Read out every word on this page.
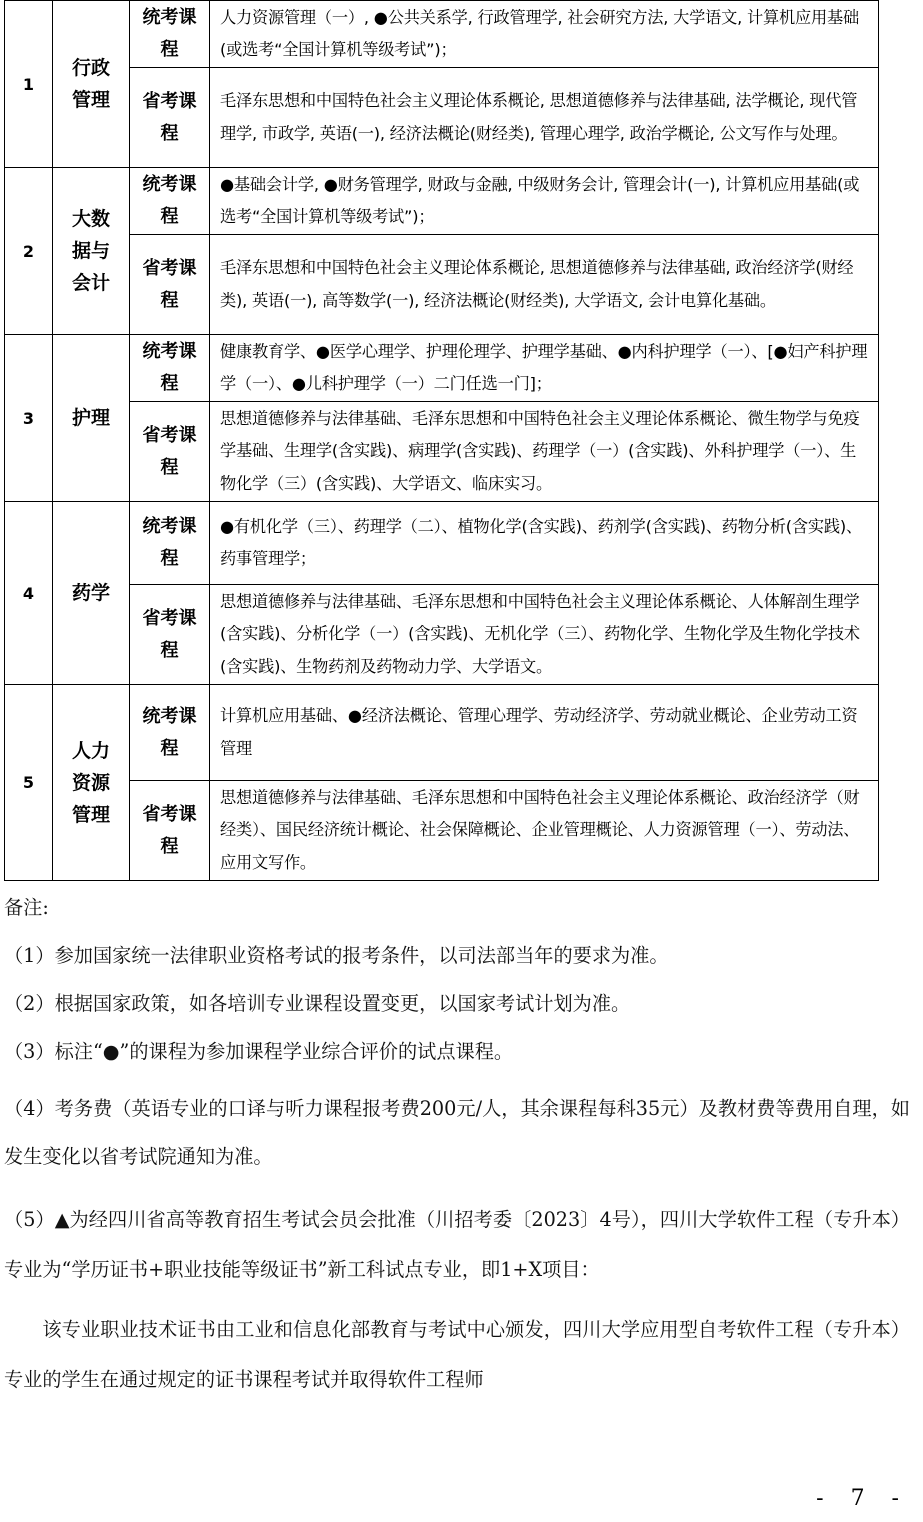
1	行政管理	统考课程	人力资源管理（一）, ●公共关系学, 行政管理学, 社会研究方法, 大学语文, 计算机应用基础(或选考“全国计算机等级考试”)；

		省考课程	毛泽东思想和中国特色社会主义理论体系概论, 思想道德修养与法律基础, 法学概论, 现代管理学, 市政学, 英语(一), 经济法概论(财经类), 管理心理学, 政治学概论, 公文写作与处理。
2	大数据与会计	统考课程	●基础会计学, ●财务管理学, 财政与金融, 中级财务会计, 管理会计(一), 计算机应用基础(或选考“全国计算机等级考试”)；

		省考课程	毛泽东思想和中国特色社会主义理论体系概论, 思想道德修养与法律基础, 政治经济学(财经类), 英语(一), 高等数学(一), 经济法概论(财经类), 大学语文, 会计电算化基础。
3	护理	统考课程	健康教育学、●医学心理学、护理伦理学、护理学基础、●内科护理学（一）、[●妇产科护理学（一）、●儿科护理学（一）二门任选一门]；

		省考课程	思想道德修养与法律基础、毛泽东思想和中国特色社会主义理论体系概论、微生物学与免疫学基础、生理学(含实践)、病理学(含实践)、药理学（一）(含实践)、外科护理学（一）、生物化学（三）(含实践)、大学语文、临床实习。
4	药学	统考课程	●有机化学（三）、药理学（二）、植物化学(含实践)、药剂学(含实践)、药物分析(含实践)、药事管理学；

		省考课程	思想道德修养与法律基础、毛泽东思想和中国特色社会主义理论体系概论、人体解剖生理学(含实践)、分析化学（一）(含实践)、无机化学（三）、药物化学、生物化学及生物化学技术(含实践)、生物药剂及药物动力学、大学语文。
5	人力资源管理	统考课程	计算机应用基础、●经济法概论、管理心理学、劳动经济学、劳动就业概论、企业劳动工资管理

		省考课程	思想道德修养与法律基础、毛泽东思想和中国特色社会主义理论体系概论、政治经济学（财经类）、国民经济统计概论、社会保障概论、企业管理概论、人力资源管理（一）、劳动法、应用文写作。

备注:

（1）参加国家统一法律职业资格考试的报考条件，以司法部当年的要求为准。

（2）根据国家政策，如各培训专业课程设置变更，以国家考试计划为准。

（3）标注“●”的课程为参加课程学业综合评价的试点课程。

（4）考务费（英语专业的口译与听力课程报考费200元/人，其余课程每科35元）及教材费等费用自理，如发生变化以省考试院通知为准。

（5）▲为经四川省高等教育招生考试会员会批准（川招考委〔2023〕4号），四川大学软件工程（专升本）专业为“学历证书+职业技能等级证书”新工科试点专业，即1+X项目：

该专业职业技术证书由工业和信息化部教育与考试中心颁发，四川大学应用型自考软件工程（专升本）专业的学生在通过规定的证书课程考试并取得软件工程师

- 7 -
